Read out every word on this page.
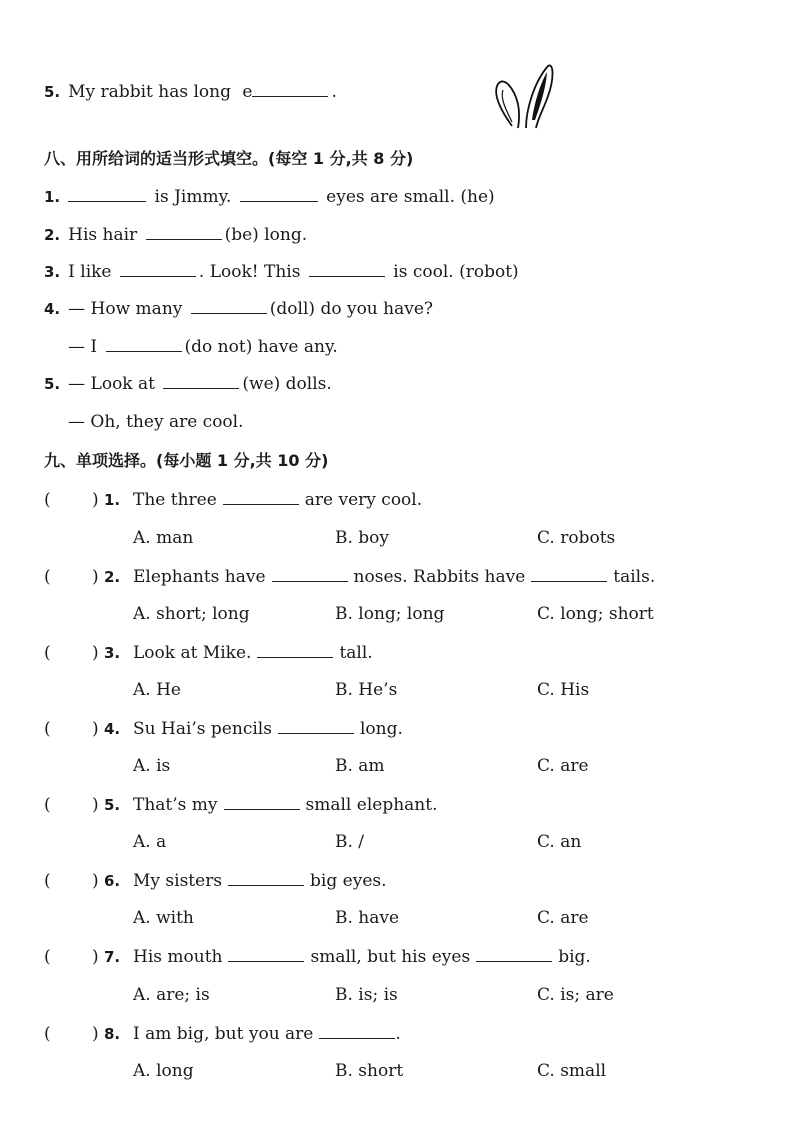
5. My rabbit has long e	.
八、用所给词的适当形式填空。(每空 1 分,共 8 分)
1.	is Jimmy.	eyes are small. (he)
2. His hair	(be) long.
3. I like	. Look! This	is cool. (robot)
4. — How many	(doll) do you have?
— I	(do not) have any.
5. — Look at	(we) dolls.
— Oh, they are cool.
九、单项选择。(每小题 1 分,共 10 分)
( ) 1. The three	are very cool.
A. man	B. boy	C. robots
( ) 2. Elephants have	noses. Rabbits have	tails.
A. short; long	B. long; long	C. long; short
( ) 3. Look at Mike.	tall.
A. He	B. He’s	C. His
( ) 4. Su Hai’s pencils	long.
A. is	B. am	C. are
( ) 5. That’s my	small elephant.
A. a	B. /	C. an
( ) 6. My sisters	big eyes.
A. with	B. have	C. are
( ) 7. His mouth	small, but his eyes	big.
A. are; is	B. is; is	C. is; are
( ) 8. I am big, but you are	.
A. long	B. short	C. small
